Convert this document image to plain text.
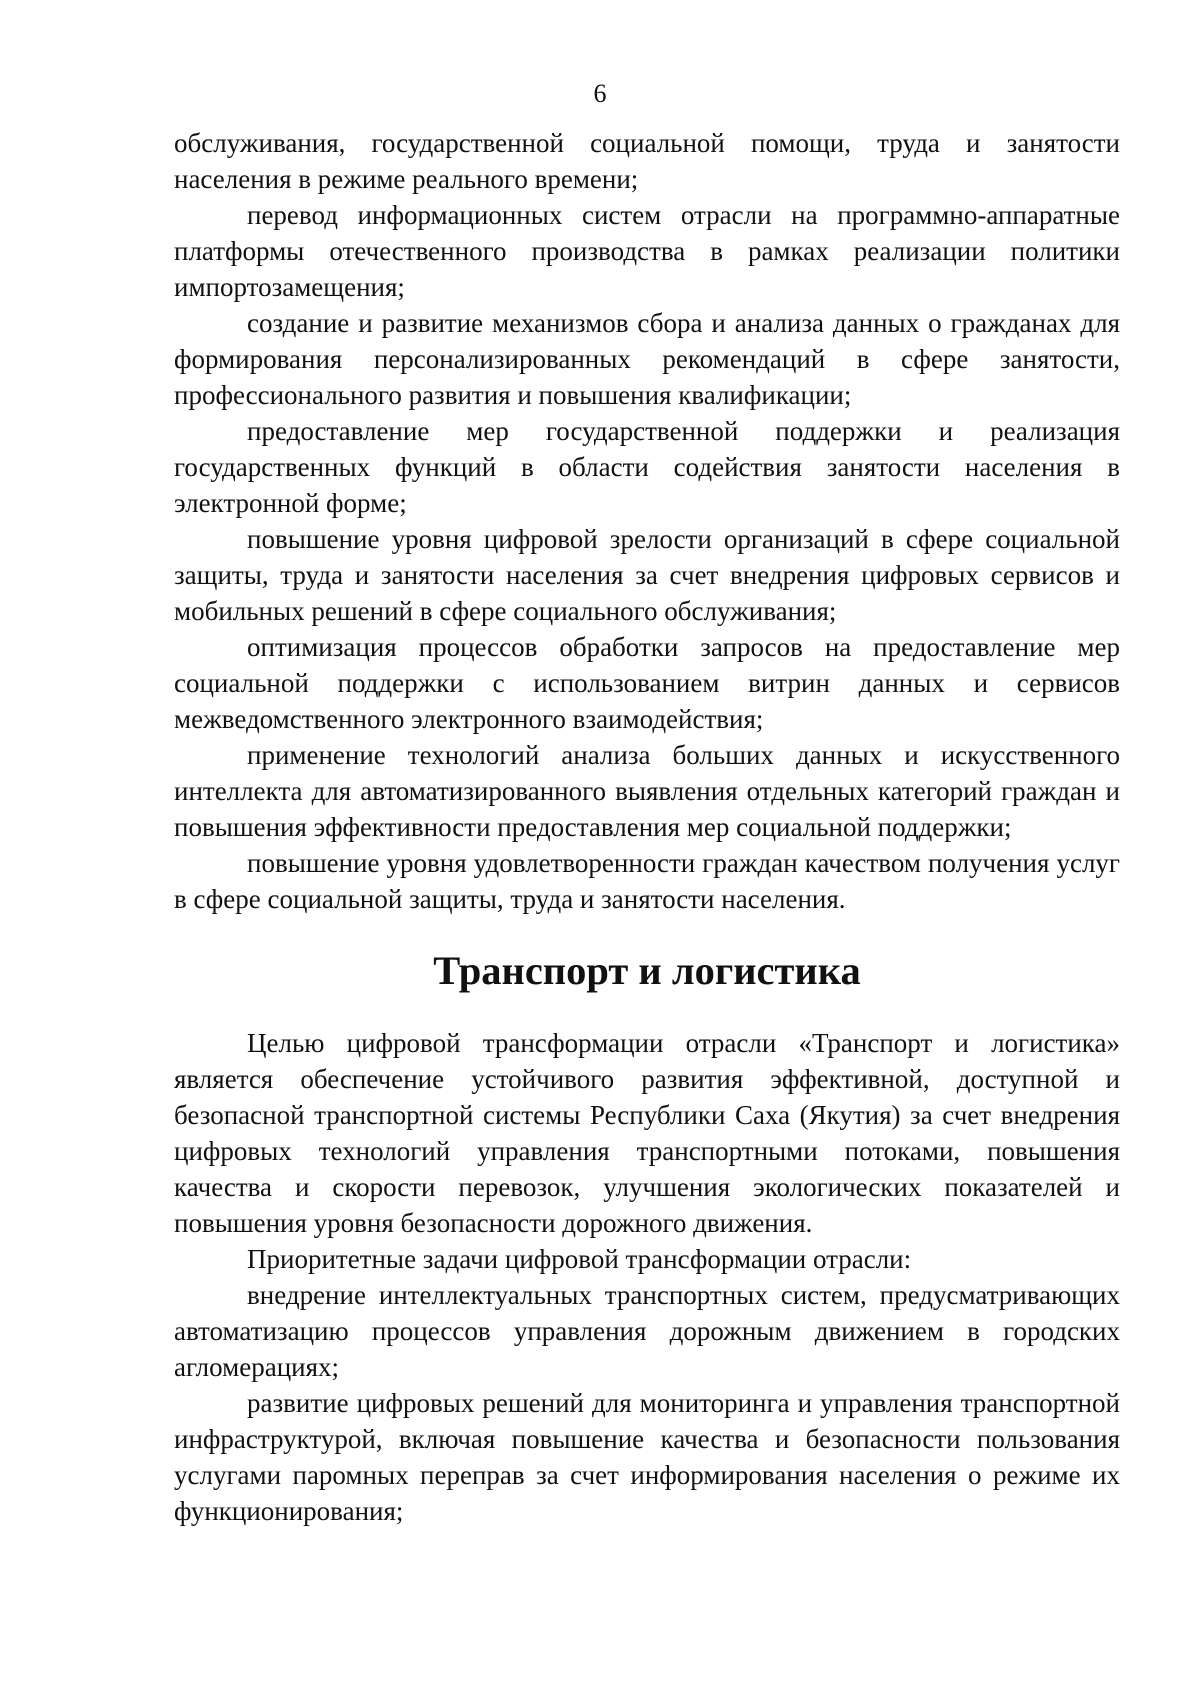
6

обслуживания, государственной социальной помощи, труда и занятости населения в режиме реального времени;

перевод информационных систем отрасли на программно-аппаратные платформы отечественного производства в рамках реализации политики импортозамещения;

создание и развитие механизмов сбора и анализа данных о гражданах для формирования персонализированных рекомендаций в сфере занятости, профессионального развития и повышения квалификации;

предоставление мер государственной поддержки и реализация государственных функций в области содействия занятости населения в электронной форме;

повышение уровня цифровой зрелости организаций в сфере социальной защиты, труда и занятости населения за счет внедрения цифровых сервисов и мобильных решений в сфере социального обслуживания;

оптимизация процессов обработки запросов на предоставление мер социальной поддержки с использованием витрин данных и сервисов межведомственного электронного взаимодействия;

применение технологий анализа больших данных и искусственного интеллекта для автоматизированного выявления отдельных категорий граждан и повышения эффективности предоставления мер социальной поддержки;

повышение уровня удовлетворенности граждан качеством получения услуг в сфере социальной защиты, труда и занятости населения.

Транспорт и логистика

Целью цифровой трансформации отрасли «Транспорт и логистика» является обеспечение устойчивого развития эффективной, доступной и безопасной транспортной системы Республики Саха (Якутия) за счет внедрения цифровых технологий управления транспортными потоками, повышения качества и скорости перевозок, улучшения экологических показателей и повышения уровня безопасности дорожного движения.

Приоритетные задачи цифровой трансформации отрасли:

внедрение интеллектуальных транспортных систем, предусматривающих автоматизацию процессов управления дорожным движением в городских агломерациях;

развитие цифровых решений для мониторинга и управления транспортной инфраструктурой, включая повышение качества и безопасности пользования услугами паромных переправ за счет информирования населения о режиме их функционирования;
